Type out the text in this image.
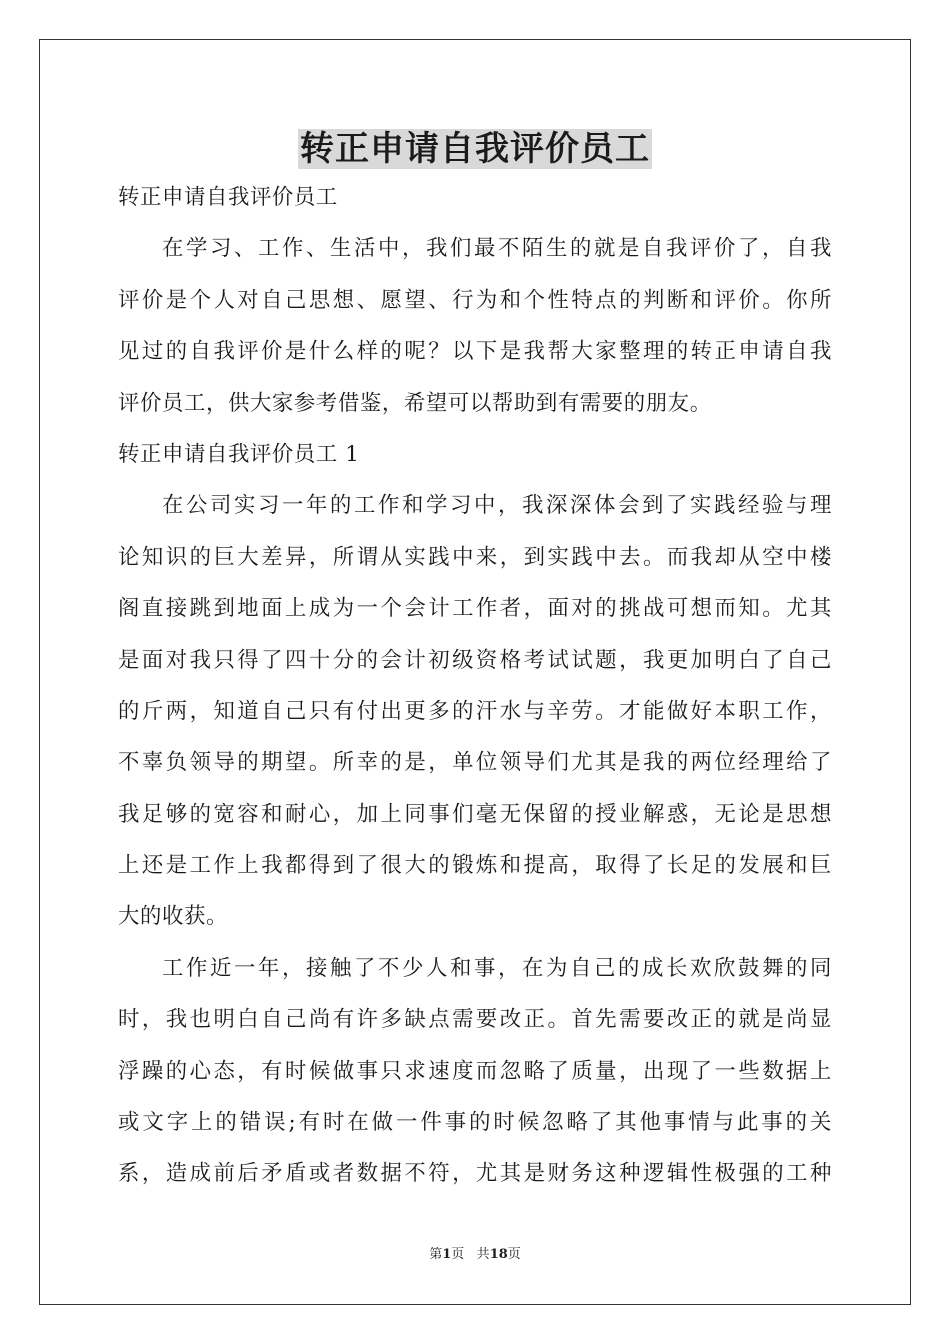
转正申请自我评价员工

转正申请自我评价员工

在学习、工作、生活中，我们最不陌生的就是自我评价了，自我

评价是个人对自己思想、愿望、行为和个性特点的判断和评价。你所

见过的自我评价是什么样的呢？以下是我帮大家整理的转正申请自我

评价员工，供大家参考借鉴，希望可以帮助到有需要的朋友。

转正申请自我评价员工 1

在公司实习一年的工作和学习中，我深深体会到了实践经验与理

论知识的巨大差异，所谓从实践中来，到实践中去。而我却从空中楼

阁直接跳到地面上成为一个会计工作者，面对的挑战可想而知。尤其

是面对我只得了四十分的会计初级资格考试试题，我更加明白了自己

的斤两，知道自己只有付出更多的汗水与辛劳。才能做好本职工作，

不辜负领导的期望。所幸的是，单位领导们尤其是我的两位经理给了

我足够的宽容和耐心，加上同事们毫无保留的授业解惑，无论是思想

上还是工作上我都得到了很大的锻炼和提高，取得了长足的发展和巨

大的收获。

工作近一年，接触了不少人和事，在为自己的成长欢欣鼓舞的同

时，我也明白自己尚有许多缺点需要改正。首先需要改正的就是尚显

浮躁的心态，有时候做事只求速度而忽略了质量，出现了一些数据上

或文字上的错误;有时在做一件事的时候忽略了其他事情与此事的关

系，造成前后矛盾或者数据不符，尤其是财务这种逻辑性极强的工种

第1页 共18页
